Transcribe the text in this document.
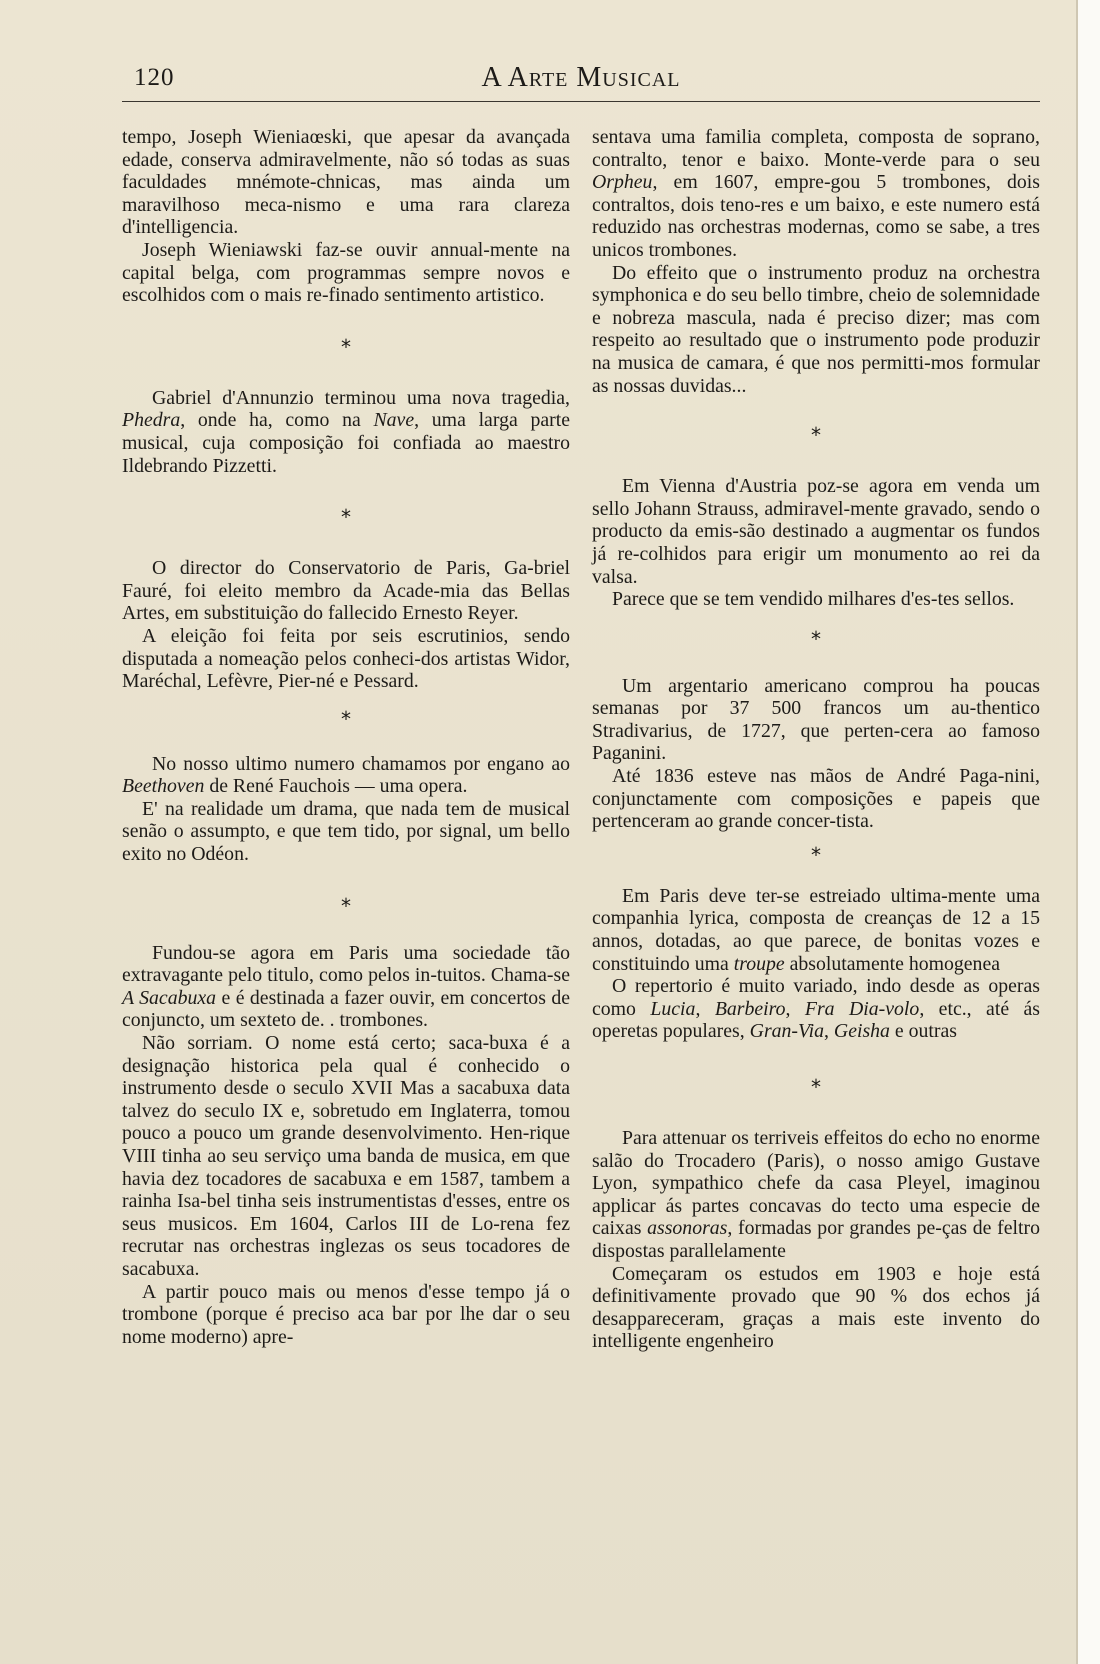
120	A Arte Musical

tempo, Joseph Wieniaœski, que apesar da avançada edade, conserva admiravelmente, não só todas as suas faculdades mnémote-chnicas, mas ainda um maravilhoso meca-nismo e uma rara clareza d'intelligencia.

Joseph Wieniawski faz-se ouvir annual-mente na capital belga, com programmas sempre novos e escolhidos com o mais re-finado sentimento artistico.

*

Gabriel d'Annunzio terminou uma nova tragedia, Phedra, onde ha, como na Nave, uma larga parte musical, cuja composição foi confiada ao maestro Ildebrando Pizzetti.

*

O director do Conservatorio de Paris, Ga-briel Fauré, foi eleito membro da Acade-mia das Bellas Artes, em substituição do fallecido Ernesto Reyer.

A eleição foi feita por seis escrutinios, sendo disputada a nomeação pelos conheci-dos artistas Widor, Maréchal, Lefèvre, Pier-né e Pessard.

*

No nosso ultimo numero chamamos por engano ao Beethoven de René Fauchois — uma opera.

E' na realidade um drama, que nada tem de musical senão o assumpto, e que tem tido, por signal, um bello exito no Odéon.

*

Fundou-se agora em Paris uma sociedade tão extravagante pelo titulo, como pelos in-tuitos. Chama-se A Sacabuxa e é destinada a fazer ouvir, em concertos de conjuncto, um sexteto de. . trombones.

Não sorriam. O nome está certo; saca-buxa é a designação historica pela qual é conhecido o instrumento desde o seculo XVII Mas a sacabuxa data talvez do seculo IX e, sobretudo em Inglaterra, tomou pouco a pouco um grande desenvolvimento. Hen-rique VIII tinha ao seu serviço uma banda de musica, em que havia dez tocadores de sacabuxa e em 1587, tambem a rainha Isa-bel tinha seis instrumentistas d'esses, entre os seus musicos. Em 1604, Carlos III de Lo-rena fez recrutar nas orchestras inglezas os seus tocadores de sacabuxa.

A partir pouco mais ou menos d'esse tempo já o trombone (porque é preciso aca bar por lhe dar o seu nome moderno) apre-

sentava uma familia completa, composta de soprano, contralto, tenor e baixo. Monte-verde para o seu Orpheu, em 1607, empre-gou 5 trombones, dois contraltos, dois teno-res e um baixo, e este numero está reduzido nas orchestras modernas, como se sabe, a tres unicos trombones.

Do effeito que o instrumento produz na orchestra symphonica e do seu bello timbre, cheio de solemnidade e nobreza mascula, nada é preciso dizer; mas com respeito ao resultado que o instrumento pode produzir na musica de camara, é que nos permitti-mos formular as nossas duvidas...

*

Em Vienna d'Austria poz-se agora em venda um sello Johann Strauss, admiravel-mente gravado, sendo o producto da emis-são destinado a augmentar os fundos já re-colhidos para erigir um monumento ao rei da valsa.

Parece que se tem vendido milhares d'es-tes sellos.

*

Um argentario americano comprou ha poucas semanas por 37 500 francos um au-thentico Stradivarius, de 1727, que perten-cera ao famoso Paganini.

Até 1836 esteve nas mãos de André Paga-nini, conjunctamente com composições e papeis que pertenceram ao grande concer-tista.

*

Em Paris deve ter-se estreiado ultima-mente uma companhia lyrica, composta de creanças de 12 a 15 annos, dotadas, ao que parece, de bonitas vozes e constituindo uma troupe absolutamente homogenea

O repertorio é muito variado, indo desde as operas como Lucia, Barbeiro, Fra Dia-volo, etc., até ás operetas populares, Gran-Via, Geisha e outras

*

Para attenuar os terriveis effeitos do echo no enorme salão do Trocadero (Paris), o nosso amigo Gustave Lyon, sympathico chefe da casa Pleyel, imaginou applicar ás partes concavas do tecto uma especie de caixas assonoras, formadas por grandes pe-ças de feltro dispostas parallelamente

Começaram os estudos em 1903 e hoje está definitivamente provado que 90 % dos echos já desappareceram, graças a mais este invento do intelligente engenheiro
